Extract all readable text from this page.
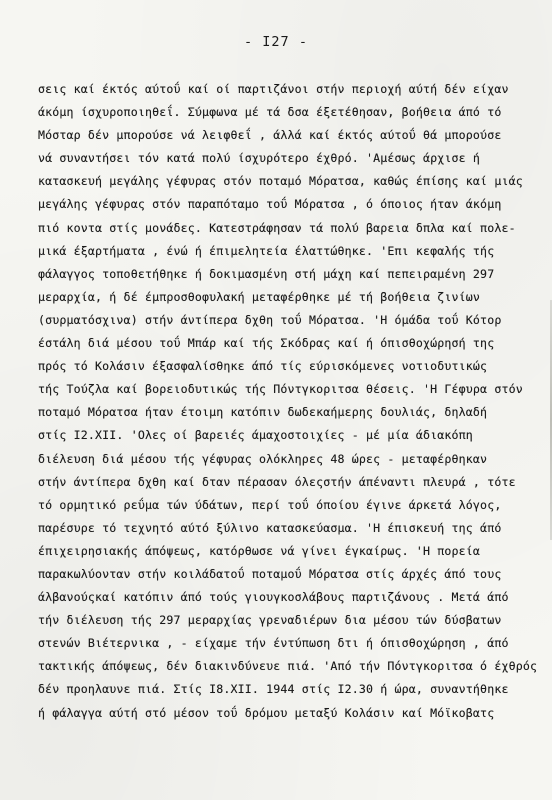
- I27 -
σεις καί έκτός αύτοΰ καί οί παρτιζάνοι στήν περιοχή αύτή δέν είχαν
άκόμη ίσχυροποιηθεΐ. Σύμφωνα μέ τά δσα έξετέθησαν, βοήθεια άπό τό
Μόσταρ δέν μπορούσε νά λειφθεΐ , άλλά καί έκτός αύτοΰ θά μπορούσε
νά συναντήσει τόν κατά πολύ ίσχυρότερο έχθρό. 'Αμέσως άρχισε ή
κατασκευή μεγάλης γέφυρας στόν ποταμό Μόρατσα, καθώς έπίσης καί μιάς
μεγάλης γέφυρας στόν παραπόταμο τοΰ Μόρατσα , ό όποιος ήταν άκόμη
πιό κοντα στίς μονάδες. Κατεστράφησαν τά πολύ βαρεια δπλα καί πολε-
μικά έξαρτήματα , ένώ ή έπιμελητεία έλαττώθηκε. 'Επι κεφαλής τής
φάλαγγος τοποθετήθηκε ή δοκιμασμένη στή μάχη καί πεπειραμένη 297
μεραρχία, ή δέ έμπροσθοφυλακή μεταφέρθηκε μέ τή βοήθεια ζινίων
(συρματόσχινα) στήν άντίπερα δχθη τοΰ Μόρατσα. 'Η όμάδα τοΰ Κότορ
έστάλη διά μέσου τοΰ Μπάρ καί τής Σκόδρας καί ή όπισθοχώρησή της
πρός τό Κολάσιν έξασφαλίσθηκε άπό τίς εύρισκόμενες νοτιοδυτικώς
τής Τούζλα καί βορειοδυτικώς τής Πόντγκοριτσα θέσεις. 'Η Γέφυρα στόν
ποταμό Μόρατσα ήταν έτοιμη κατόπιν δωδεκαήμερης δουλιάς, δηλαδή
στίς I2.XII. 'Ολες οί βαρειές άμαχοστοιχίες - μέ μία άδιακόπη
διέλευση διά μέσου τής γέφυρας ολόκληρες 48 ώρες - μεταφέρθηκαν
στήν άντίπερα δχθη καί δταν πέρασαν όλεςστήν άπέναντι πλευρά , τότε
τό ορμητικό ρεΰμα τών ύδάτων, περί τοΰ όποίου έγινε άρκετά λόγος,
παρέσυρε τό τεχνητό αύτό ξύλινο κατασκεύασμα. 'Η έπισκευή της άπό
έπιχειρησιακής άπόψεως, κατόρθωσε νά γίνει έγκαίρως. 'Η πορεία
παρακωλύονταν στήν κοιλάδατοΰ ποταμοΰ Μόρατσα στίς άρχές άπό τους
άλβανούςκαί κατόπιν άπό τούς γιουγκοσλάβους παρτιζάνους . Μετά άπό
τήν διέλευση τής 297 μεραρχίας γρεναδιέρων δια μέσου τών δύσβατων
στενών Βιέτερνικα , - είχαμε τήν έντύπωση δτι ή όπισθοχώρηση , άπό
τακτικής άπόψεως, δέν διακινδύνευε πιά. 'Από τήν Πόντγκοριτσα ό έχθρός
δέν προηλαυνε πιά. Στίς I8.XII. 1944 στίς I2.30 ή ώρα, συναντήθηκε
ή φάλαγγα αύτή στό μέσον τοΰ δρόμου μεταξύ Κολάσιν καί Μόϊκοβατς
